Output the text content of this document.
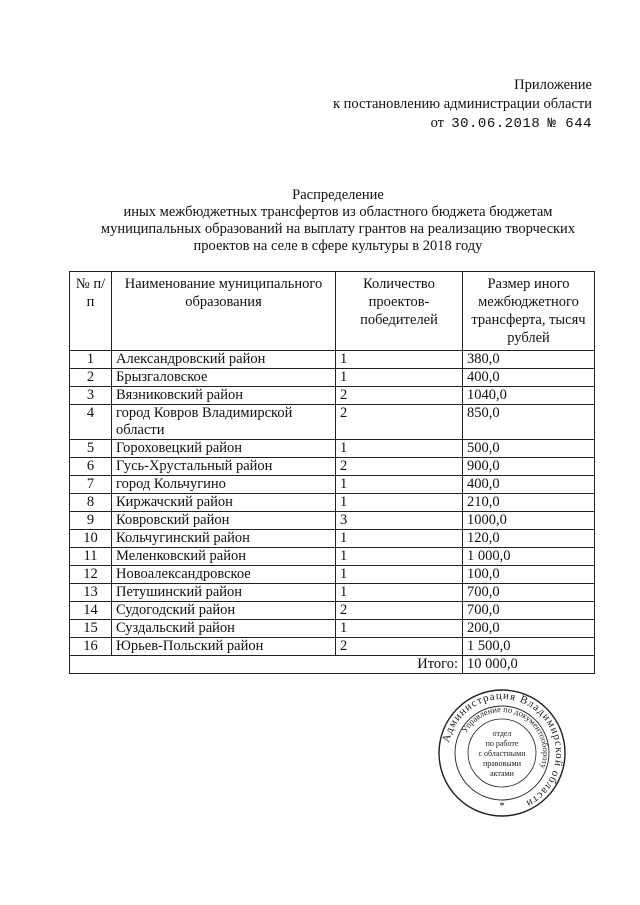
Приложение
к постановлению администрации области
от 30.06.2018 № 644
Распределение
иных межбюджетных трансфертов из областного бюджета бюджетам
муниципальных образований на выплату грантов на реализацию творческих
проектов на селе в сфере культуры в 2018 году
№ п/п	Наименование муниципального образования	Количество проектов-победителей	Размер иного межбюджетного трансферта, тысяч рублей
1	Александровский район	1	380,0
2	Брызгаловское	1	400,0
3	Вязниковский район	2	1040,0
4	город Ковров Владимирской области	2	850,0
5	Гороховецкий район	1	500,0
6	Гусь-Хрустальный район	2	900,0
7	город Кольчугино	1	400,0
8	Киржачский район	1	210,0
9	Ковровский район	3	1000,0
10	Кольчугинский район	1	120,0
11	Меленковский район	1	1 000,0
12	Новоалександровское	1	100,0
13	Петушинский район	1	700,0
14	Судогодский район	2	700,0
15	Суздальский район	1	200,0
16	Юрьев-Польский район	2	1 500,0
Итого:			10 000,0
Администрация Владимирской области
Управление по документообороту
отдел
по работе
с областными
правовыми
актами
*
